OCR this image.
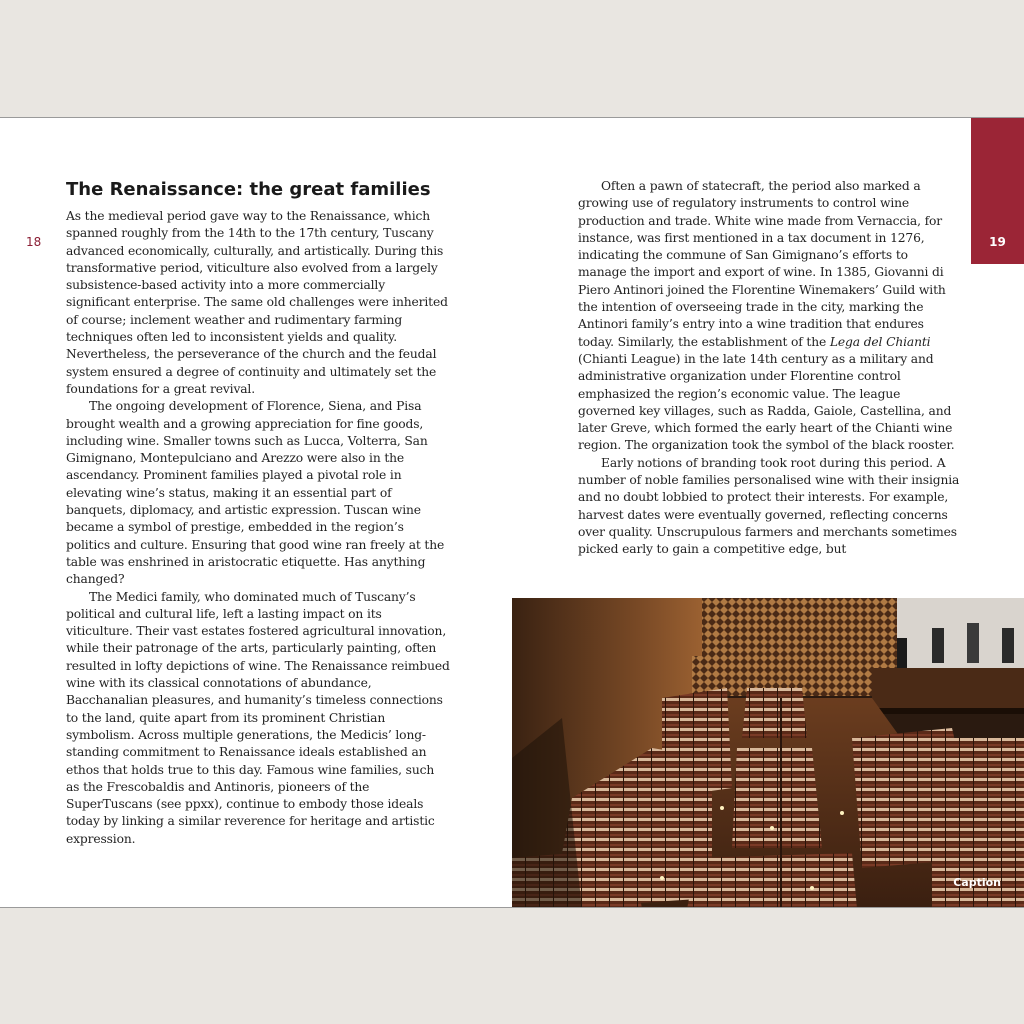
18	19
The Renaissance: the great families

As the medieval period gave way to the Renaissance, which spanned roughly from the 14th to the 17th century, Tuscany advanced economically, culturally, and artistically. During this transformative period, viticulture also evolved from a largely subsistence-based activity into a more commercially significant enterprise. The same old challenges were inherited of course; inclement weather and rudimentary farming techniques often led to inconsistent yields and quality. Nevertheless, the perseverance of the church and the feudal system ensured a degree of continuity and ultimately set the foundations for a great revival.

The ongoing development of Florence, Siena, and Pisa brought wealth and a growing appreciation for fine goods, including wine. Smaller towns such as Lucca, Volterra, San Gimignano, Montepulciano and Arezzo were also in the ascendancy. Prominent families played a pivotal role in elevating wine’s status, making it an essential part of banquets, diplomacy, and artistic expression. Tuscan wine became a symbol of prestige, embedded in the region’s politics and culture. Ensuring that good wine ran freely at the table was enshrined in aristocratic etiquette. Has anything changed?

The Medici family, who dominated much of Tuscany’s political and cultural life, left a lasting impact on its viticulture. Their vast estates fostered agricultural innovation, while their patronage of the arts, particularly painting, often resulted in lofty depictions of wine. The Renaissance reimbued wine with its classical connotations of abundance, Bacchanalian pleasures, and humanity’s timeless connections to the land, quite apart from its prominent Christian symbolism. Across multiple generations, the Medicis’ long-standing commitment to Renaissance ideals established an ethos that holds true to this day. Famous wine families, such as the Frescobaldis and Antinoris, pioneers of the SuperTuscans (see ppxx), continue to embody those ideals today by linking a similar reverence for heritage and artistic expression.

Often a pawn of statecraft, the period also marked a growing use of regulatory instruments to control wine production and trade. White wine made from Vernaccia, for instance, was first mentioned in a tax document in 1276, indicating the commune of San Gimignano’s efforts to manage the import and export of wine. In 1385, Giovanni di Piero Antinori joined the Florentine Winemakers’ Guild with the intention of overseeing trade in the city, marking the Antinori family’s entry into a wine tradition that endures today. Similarly, the establishment of the Lega del Chianti (Chianti League) in the late 14th century as a military and administrative organization under Florentine control emphasized the region’s economic value. The league governed key villages, such as Radda, Gaiole, Castellina, and later Greve, which formed the early heart of the Chianti wine region. The organization took the symbol of the black rooster.

Early notions of branding took root during this period. A number of noble families personalised wine with their insignia and no doubt lobbied to protect their interests. For example, harvest dates were eventually governed, reflecting concerns over quality. Unscrupulous farmers and merchants sometimes picked early to gain a competitive edge, but

Caption
